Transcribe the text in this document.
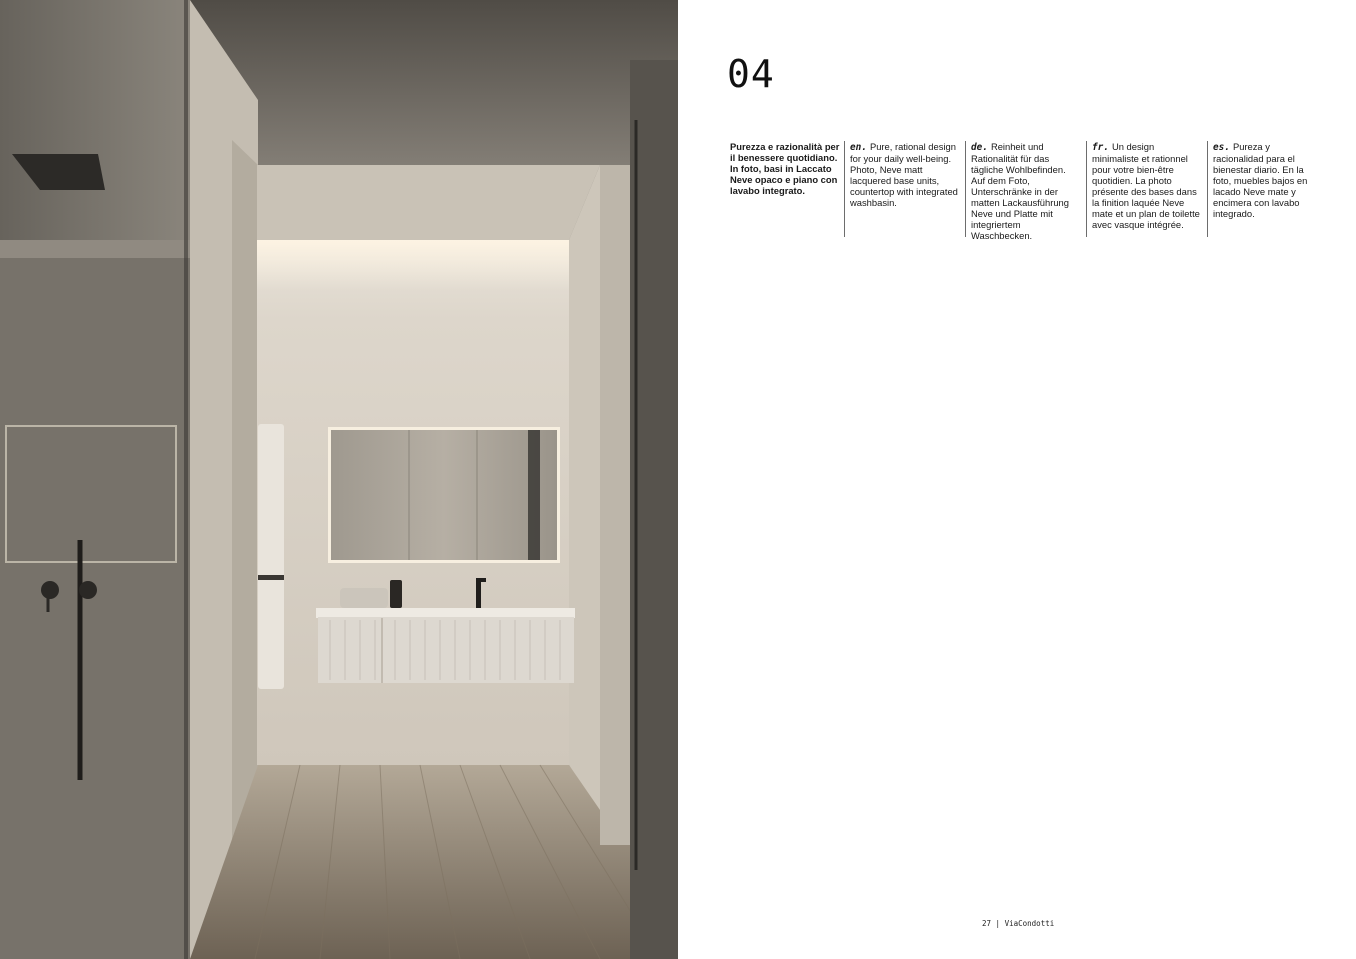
04
Purezza e razionalità per il benessere quotidiano. In foto, basi in Laccato Neve opaco e piano con lavabo integrato.
en. Pure, rational design for your daily well-being. Photo, Neve matt lacquered base units, countertop with integrated washbasin.
de. Reinheit und Rationalität für das tägliche Wohlbefinden. Auf dem Foto, Unterschränke in der matten Lackausführung Neve und Platte mit integriertem Waschbecken.
fr. Un design minimaliste et rationnel pour votre bien-être quotidien. La photo présente des bases dans la finition laquée Neve mate et un plan de toilette avec vasque intégrée.
es. Pureza y racionalidad para el bienestar diario. En la foto, muebles bajos en lacado Neve mate y encimera con lavabo integrado.
27 | ViaCondotti
